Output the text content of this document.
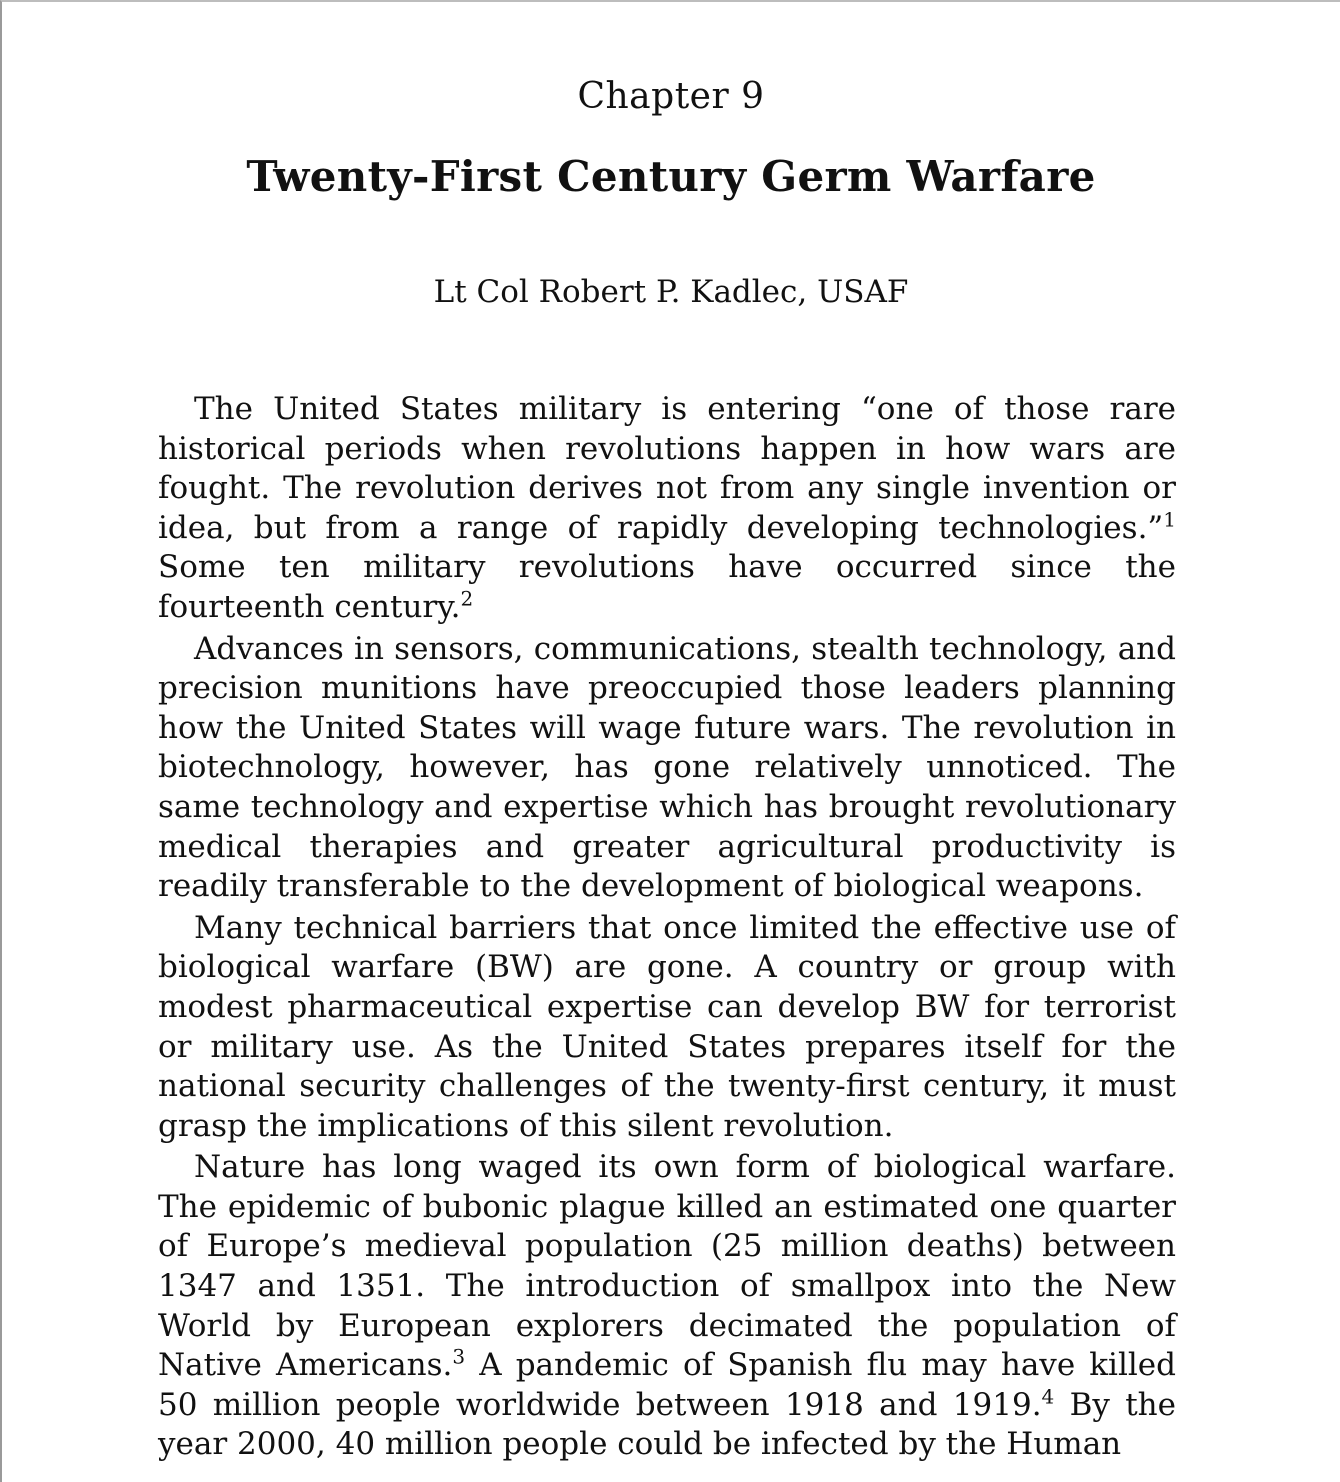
Chapter 9
Twenty-First Century Germ Warfare
Lt Col Robert P. Kadlec, USAF

The United States military is entering “one of those rare historical periods when revolutions happen in how wars are fought. The revolution derives not from any single invention or idea, but from a range of rapidly developing technologies.”$^1$ Some ten military revolutions have occurred since the fourteenth century.$^2$

Advances in sensors, communications, stealth technology, and precision munitions have preoccupied those leaders planning how the United States will wage future wars. The revolution in biotechnology, however, has gone relatively unnoticed. The same technology and expertise which has brought revolutionary medical therapies and greater agricultural productivity is readily transferable to the development of biological weapons.

Many technical barriers that once limited the effective use of biological warfare (BW) are gone. A country or group with modest pharmaceutical expertise can develop BW for terrorist or military use. As the United States prepares itself for the national security challenges of the twenty-first century, it must grasp the implications of this silent revolution.

Nature has long waged its own form of biological warfare. The epidemic of bubonic plague killed an estimated one quarter of Europe’s medieval population (25 million deaths) between 1347 and 1351. The introduction of smallpox into the New World by European explorers decimated the population of Native Americans.$^3$ A pandemic of Spanish flu may have killed 50 million people worldwide between 1918 and 1919.$^4$ By the year 2000, 40 million people could be infected by the Human
